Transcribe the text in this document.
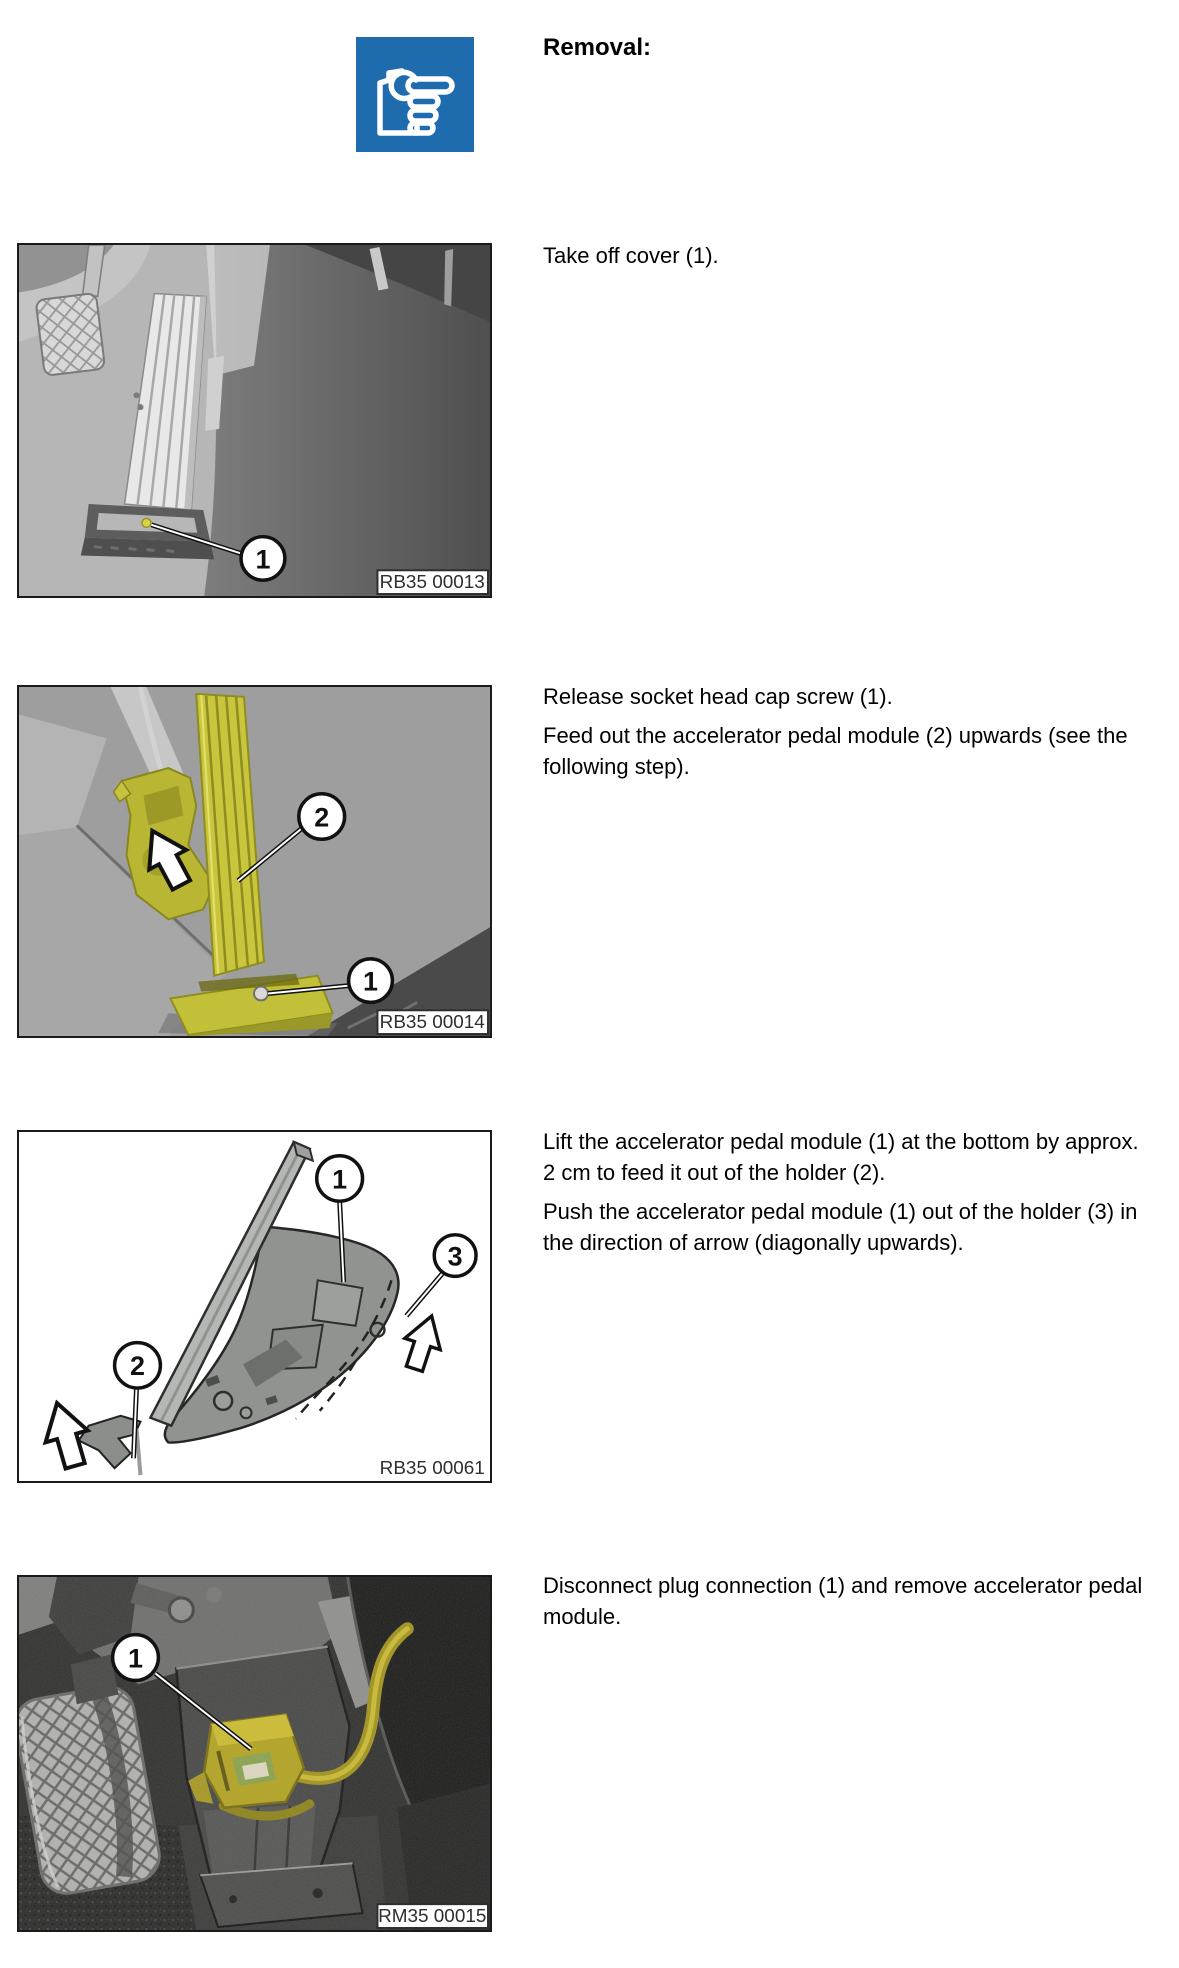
Removal:
1
RB35 00013

Take off cover (1).

2
1
RB35 00014

Release socket head cap screw (1).

Feed out the accelerator pedal module (2) upwards (see the following step).

1
3
2
RB35 00061

Lift the accelerator pedal module (1) at the bottom by approx. 2 cm to feed it out of the holder (2).

Push the accelerator pedal module (1) out of the holder (3) in the direction of arrow (diagonally upwards).

1
RM35 00015

Disconnect plug connection (1) and remove accelerator pedal module.
